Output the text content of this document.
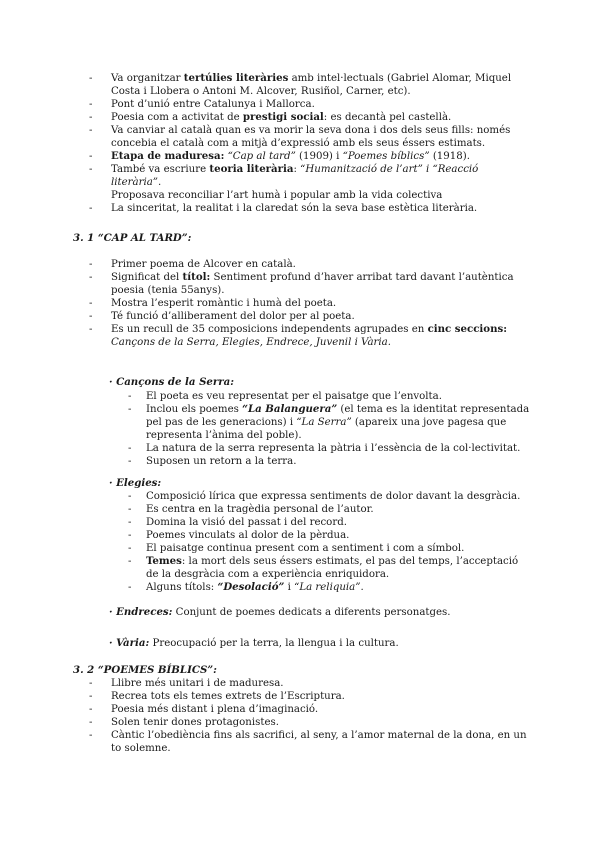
- Va organitzar tertúlies literàries amb intel·lectuals (Gabriel Alomar, Miquel Costa i Llobera o Antoni M. Alcover, Rusiñol, Carner, etc).
- Pont d’unió entre Catalunya i Mallorca.
- Poesia com a activitat de prestigi social: es decantà pel castellà.
- Va canviar al català quan es va morir la seva dona i dos dels seus fills: només concebia el català com a mitjà d’expressió amb els seus éssers estimats.
- Etapa de maduresa: “Cap al tard” (1909) i “Poemes bíblics” (1918).
- També va escriure teoria literària: “Humanització de l’art” i “Reacció literària”.
Proposava reconciliar l’art humà i popular amb la vida colectiva
- La sinceritat, la realitat i la claredat són la seva base estètica literària.
3. 1 “CAP AL TARD”:
- Primer poema de Alcover en català.
- Significat del títol: Sentiment profund d’haver arribat tard davant l’autèntica poesia (tenia 55anys).
- Mostra l’esperit romàntic i humà del poeta.
- Té funció d’alliberament del dolor per al poeta.
- Es un recull de 35 composicions independents agrupades en cinc seccions:
Cançons de la Serra, Elegies, Endrece, Juvenil i Vària.
· Cançons de la Serra:
- El poeta es veu representat per el paisatge que l’envolta.
- Inclou els poemes “La Balanguera” (el tema es la identitat representada pel pas de les generacions) i “La Serra” (apareix una jove pagesa que representa l’ànima del poble).
- La natura de la serra representa la pàtria i l’essència de la col·lectivitat.
- Suposen un retorn a la terra.
· Elegies:
- Composició lírica que expressa sentiments de dolor davant la desgràcia.
- Es centra en la tragèdia personal de l’autor.
- Domina la visió del passat i del record.
- Poemes vinculats al dolor de la pèrdua.
- El paisatge continua present com a sentiment i com a símbol.
- Temes: la mort dels seus éssers estimats, el pas del temps, l’acceptació de la desgràcia com a experiència enriquidora.
- Alguns títols: “Desolació” i “La reliquia”.
· Endreces: Conjunt de poemes dedicats a diferents personatges.
· Vària: Preocupació per la terra, la llengua i la cultura.
3. 2 “POEMES BÍBLICS”:
- Llibre més unitari i de maduresa.
- Recrea tots els temes extrets de l’Escriptura.
- Poesia més distant i plena d’imaginació.
- Solen tenir dones protagonistes.
- Càntic l’obediència fins als sacrifici, al seny, a l’amor maternal de la dona, en un to solemne.
